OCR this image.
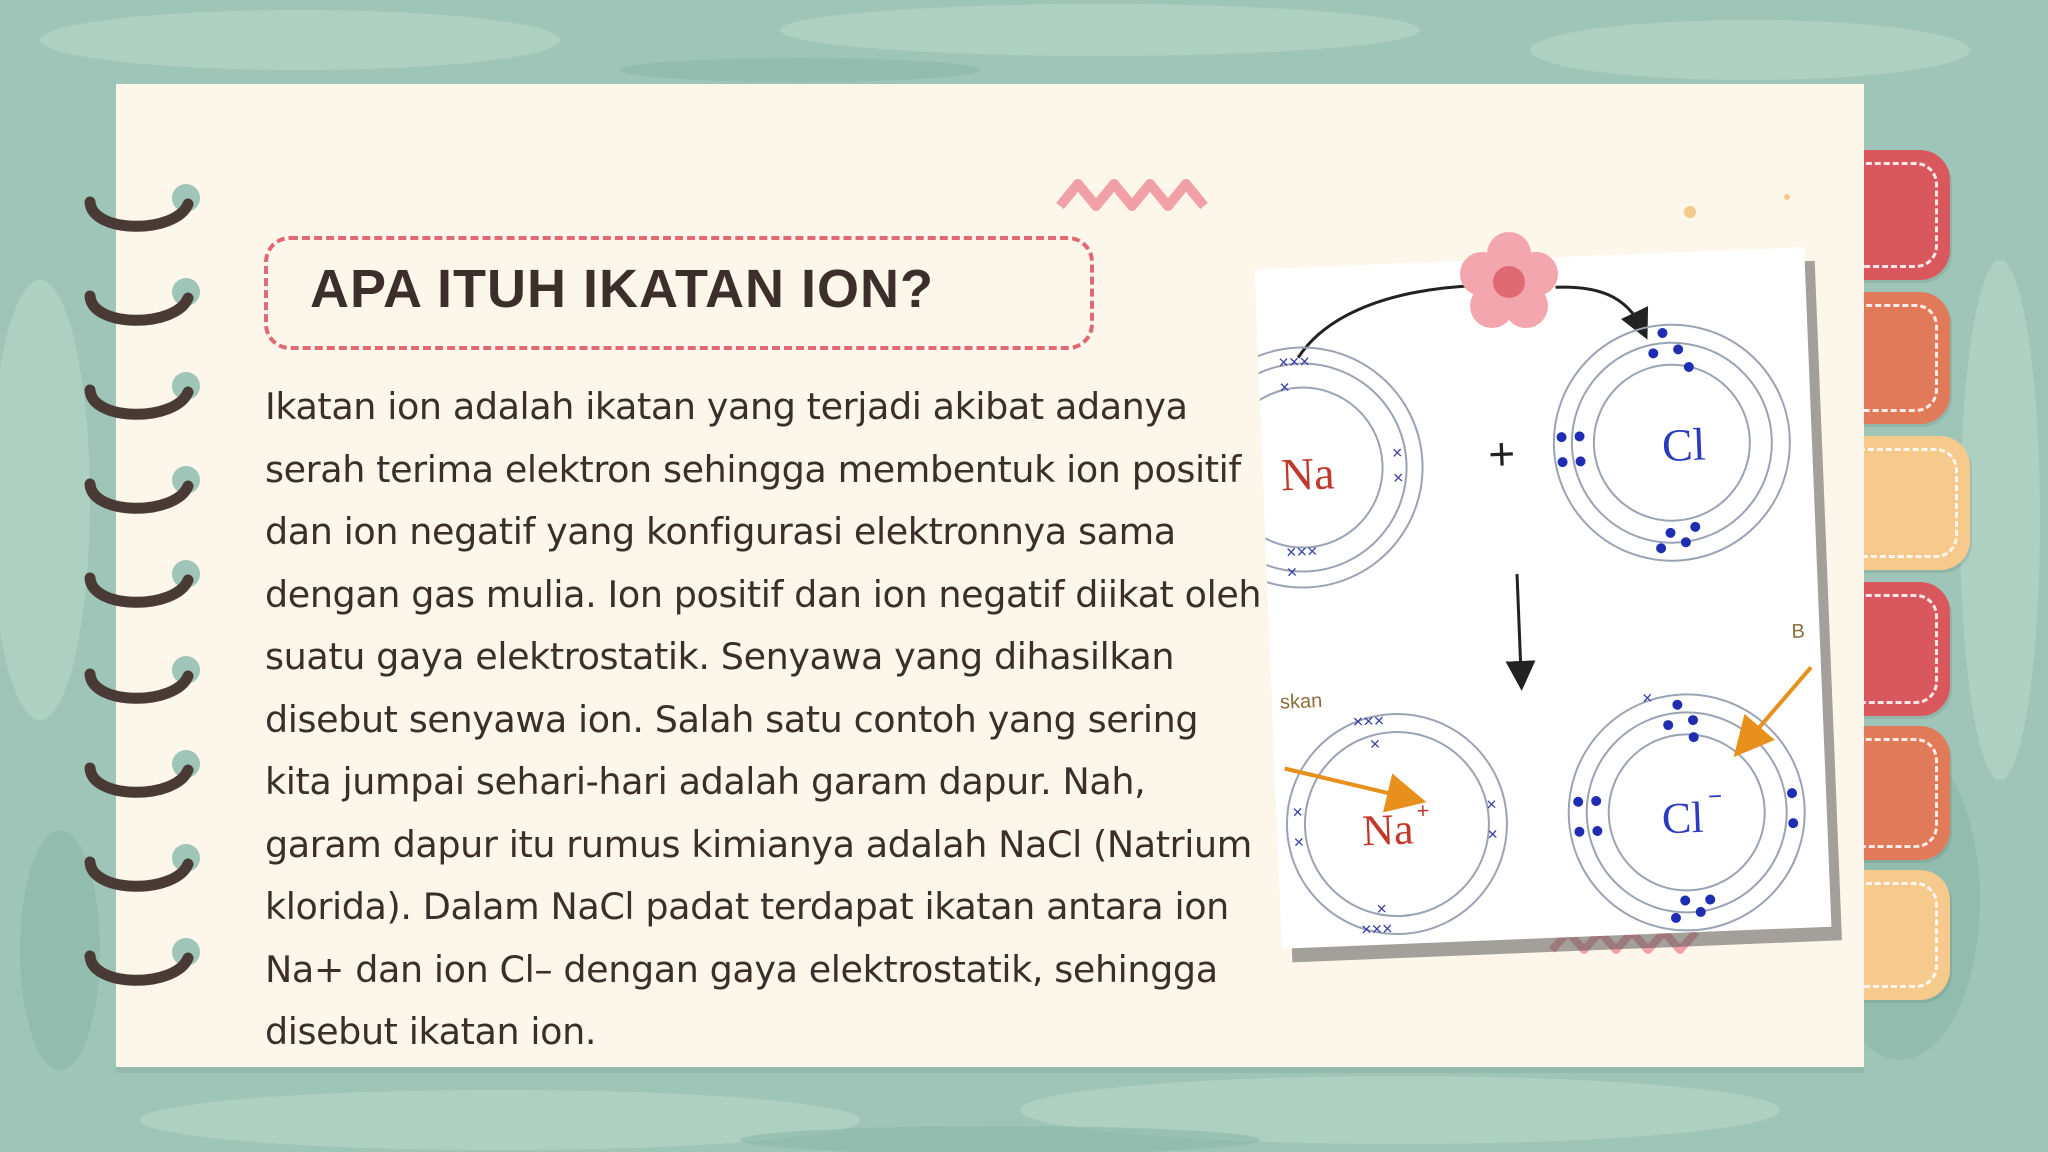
APA ITUH IKATAN ION?

Ikatan ion adalah ikatan yang terjadi akibat adanya serah terima elektron sehingga membentuk ion positif dan ion negatif yang konfigurasi elektronnya sama dengan gas mulia. Ion positif dan ion negatif diikat oleh suatu gaya elektrostatik. Senyawa yang dihasilkan disebut senyawa ion. Salah satu contoh yang sering kita jumpai sehari-hari adalah garam dapur. Nah, garam dapur itu rumus kimianya adalah NaCl (Natrium klorida). Dalam NaCl padat terdapat ikatan antara ion Na+ dan ion Cl– dengan gaya elektrostatik, sehingga disebut ikatan ion.

×××
×
×
×
×××
×
Na	+	Cl
×××
×
×
×
×
×
×
×××
skan
Na +
×
B
Cl −
